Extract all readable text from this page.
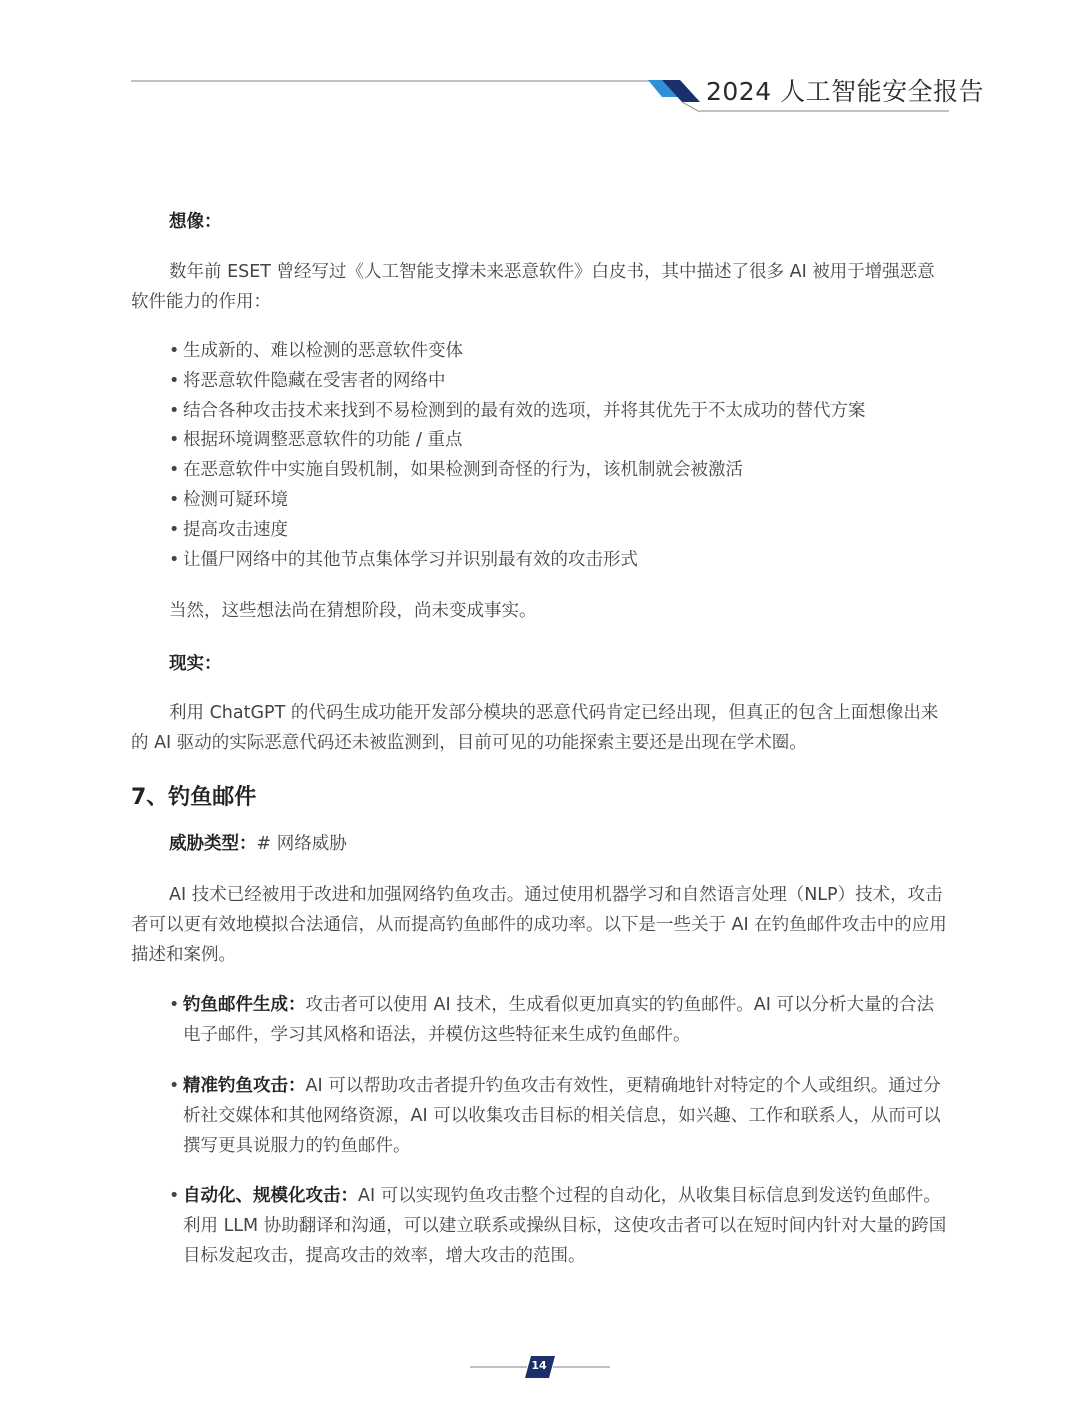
2024 人工智能安全报告
想像：
数年前 ESET 曾经写过《人工智能支撑未来恶意软件》白皮书，其中描述了很多 AI 被用于增强恶意软件能力的作用：
• 生成新的、难以检测的恶意软件变体
• 将恶意软件隐藏在受害者的网络中
• 结合各种攻击技术来找到不易检测到的最有效的选项，并将其优先于不太成功的替代方案
• 根据环境调整恶意软件的功能 / 重点
• 在恶意软件中实施自毁机制，如果检测到奇怪的行为，该机制就会被激活
• 检测可疑环境
• 提高攻击速度
• 让僵尸网络中的其他节点集体学习并识别最有效的攻击形式
当然，这些想法尚在猜想阶段，尚未变成事实。
现实：
利用 ChatGPT 的代码生成功能开发部分模块的恶意代码肯定已经出现，但真正的包含上面想像出来的 AI 驱动的实际恶意代码还未被监测到，目前可见的功能探索主要还是出现在学术圈。
7、钓鱼邮件
威胁类型：# 网络威胁
AI 技术已经被用于改进和加强网络钓鱼攻击。通过使用机器学习和自然语言处理（NLP）技术，攻击者可以更有效地模拟合法通信，从而提高钓鱼邮件的成功率。以下是一些关于 AI 在钓鱼邮件攻击中的应用描述和案例。
• 钓鱼邮件生成：攻击者可以使用 AI 技术，生成看似更加真实的钓鱼邮件。AI 可以分析大量的合法电子邮件，学习其风格和语法，并模仿这些特征来生成钓鱼邮件。
• 精准钓鱼攻击：AI 可以帮助攻击者提升钓鱼攻击有效性，更精确地针对特定的个人或组织。通过分析社交媒体和其他网络资源，AI 可以收集攻击目标的相关信息，如兴趣、工作和联系人，从而可以撰写更具说服力的钓鱼邮件。
• 自动化、规模化攻击：AI 可以实现钓鱼攻击整个过程的自动化，从收集目标信息到发送钓鱼邮件。利用 LLM 协助翻译和沟通，可以建立联系或操纵目标，这使攻击者可以在短时间内针对大量的跨国目标发起攻击，提高攻击的效率，增大攻击的范围。
14
